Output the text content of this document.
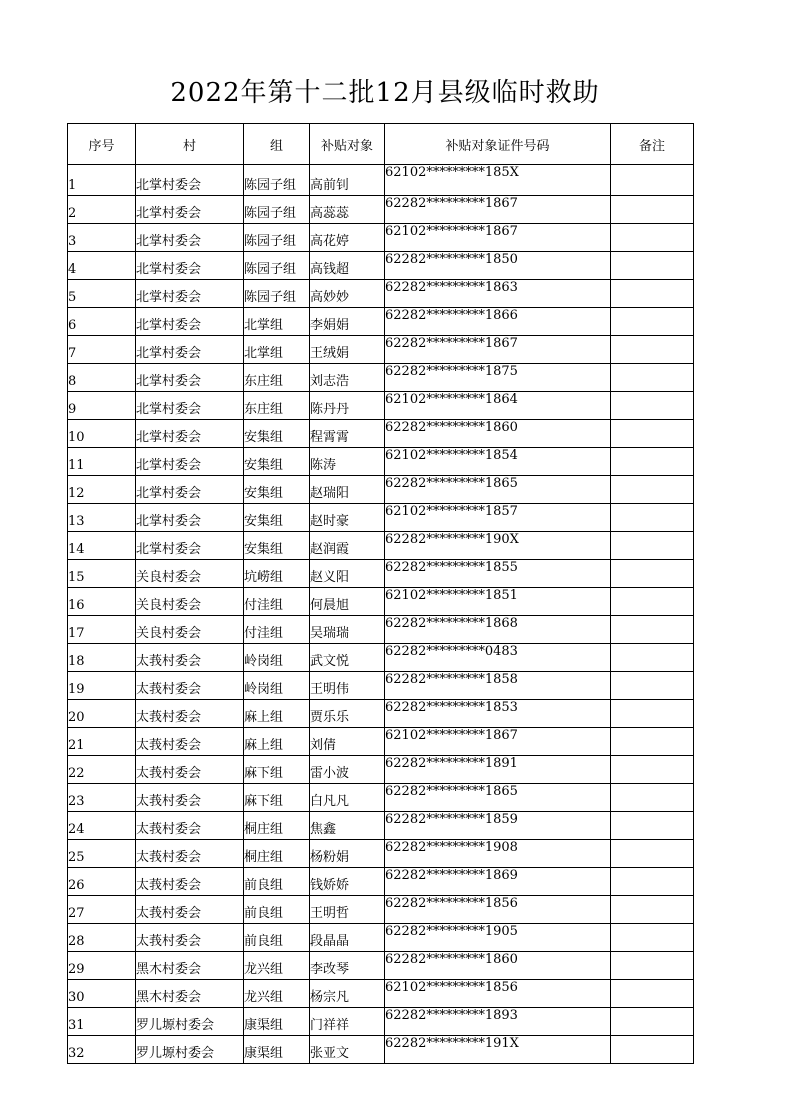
2022年第十二批12月县级临时救助
序号	村	组	补贴对象	补贴对象证件号码	备注
1	北掌村委会	陈园子组	高前钊	62102*********185X	
2	北掌村委会	陈园子组	高蕊蕊	62282*********1867	
3	北掌村委会	陈园子组	高花婷	62102*********1867	
4	北掌村委会	陈园子组	高钱超	62282*********1850	
5	北掌村委会	陈园子组	高妙妙	62282*********1863	
6	北掌村委会	北掌组	李娟娟	62282*********1866	
7	北掌村委会	北掌组	王绒娟	62282*********1867	
8	北掌村委会	东庄组	刘志浩	62282*********1875	
9	北掌村委会	东庄组	陈丹丹	62102*********1864	
10	北掌村委会	安集组	程霄霄	62282*********1860	
11	北掌村委会	安集组	陈涛	62102*********1854	
12	北掌村委会	安集组	赵瑞阳	62282*********1865	
13	北掌村委会	安集组	赵时豪	62102*********1857	
14	北掌村委会	安集组	赵润霞	62282*********190X	
15	关良村委会	坑崂组	赵义阳	62282*********1855	
16	关良村委会	付洼组	何晨旭	62102*********1851	
17	关良村委会	付洼组	吴瑞瑞	62282*********1868	
18	太莪村委会	岭岗组	武文悦	62282*********0483	
19	太莪村委会	岭岗组	王明伟	62282*********1858	
20	太莪村委会	麻上组	贾乐乐	62282*********1853	
21	太莪村委会	麻上组	刘倩	62102*********1867	
22	太莪村委会	麻下组	雷小波	62282*********1891	
23	太莪村委会	麻下组	白凡凡	62282*********1865	
24	太莪村委会	桐庄组	焦鑫	62282*********1859	
25	太莪村委会	桐庄组	杨粉娟	62282*********1908	
26	太莪村委会	前良组	钱娇娇	62282*********1869	
27	太莪村委会	前良组	王明哲	62282*********1856	
28	太莪村委会	前良组	段晶晶	62282*********1905	
29	黑木村委会	龙兴组	李改琴	62282*********1860	
30	黑木村委会	龙兴组	杨宗凡	62102*********1856	
31	罗儿塬村委会	康渠组	门祥祥	62282*********1893	
32	罗儿塬村委会	康渠组	张亚文	62282*********191X	
